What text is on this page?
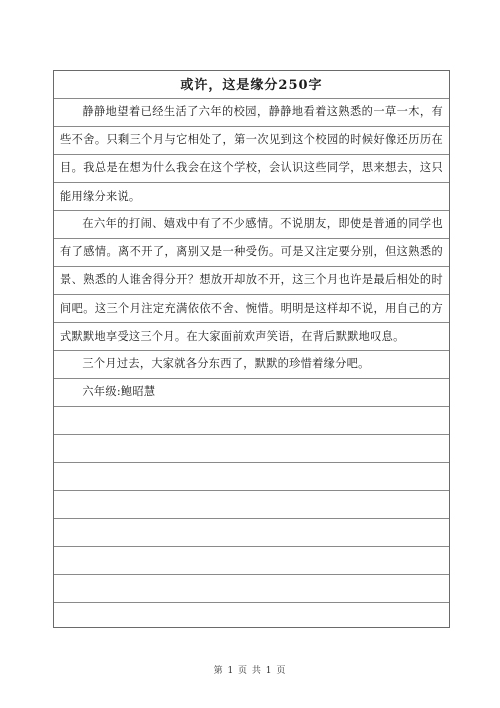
或许，这是缘分250字

静静地望着已经生活了六年的校园，静静地看着这熟悉的一草一木，有些不舍。只剩三个月与它相处了，第一次见到这个校园的时候好像还历历在目。我总是在想为什么我会在这个学校，会认识这些同学，思来想去，这只能用缘分来说。

在六年的打闹、嬉戏中有了不少感情。不说朋友，即使是普通的同学也有了感情。离不开了，离别又是一种受伤。可是又注定要分别，但这熟悉的景、熟悉的人谁舍得分开？想放开却放不开，这三个月也许是最后相处的时间吧。这三个月注定充满依依不舍、惋惜。明明是这样却不说，用自己的方式默默地享受这三个月。在大家面前欢声笑语，在背后默默地叹息。

三个月过去，大家就各分东西了，默默的珍惜着缘分吧。

六年级:鲍昭慧

第 1 页 共 1 页
